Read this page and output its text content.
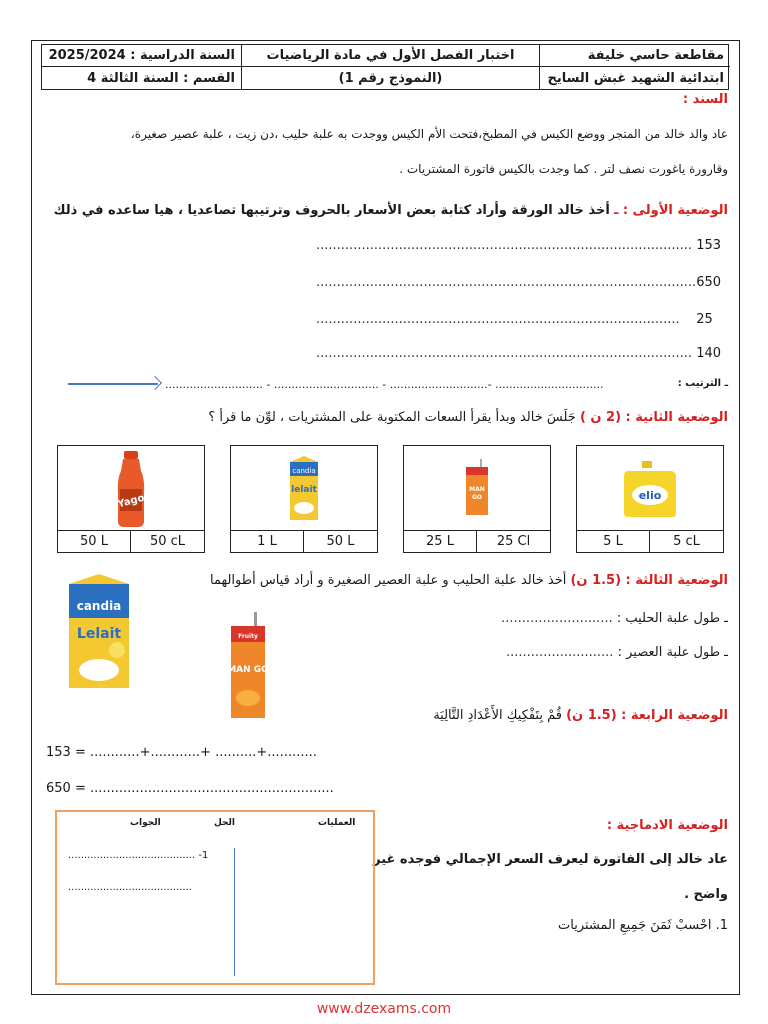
السنة الدراسية : 2025/2024	اختبار الفصل الأول في مادة الرياضيات	مقاطعة حاسي خليفة
القسم : السنة الثالثة 4	(النموذج رقم 1)	ابتدائية الشهيد غبش السايح
السند :
عاد والد خالد من المتجر ووضع الكيس في المطبخ،فتحت الأم الكيس ووجدت به علبة حليب ،دن زيت ، علبة عصير صغيرة،
وقارورة ياغورت نصف لتر . كما وجدت بالكيس فاتورة المشتريات .
الوضعية الأولى : ـ أخذ خالد الورقة وأراد كتابة بعض الأسعار بالحروف وترتيبها تصاعديا ، هيا ساعده في ذلك
........................................................................................... 153
............................................................................................650
........................................................................................ 25
........................................................................................... 140
............................ - .............................. - ............................- ...............................	ـ الترتيب :
الوضعية الثانية : (2 ن ) جَلَسَ خالد وبدأ يقرأ السعات المكتوبة على المشتريات ، لوِّن ما قرأ ؟
Yago
50 L	50 cL
candia
lelait
1 L	50 L
MAN
GO
25 L	25 Cl
elio
5 L	5 cL
الوضعية الثالثة : (1.5 ن) أخذ خالد علبة الحليب و علبة العصير الصغيرة و أراد قياس أطوالهما
candia
Lelait	Fruity
MAN GO
ـ طول علبة الحليب : ...........................
ـ طول علبة العصير : ..........................
الوضعية الرابعة : (1.5 ن) قُمْ بِتَفْكِيكِ الأَعْدَادِ التَّالِيَة
153 = ............+............+ ..........+............
650 = ...........................................................
الوضعية الادماجية :
عاد خالد إلى الفاتورة ليعرف السعر الإجمالي فوجده غير
واضح .
1. احْسبْ ثَمَنَ جَمِيعِ المشتريات
العمليات
الحل
الجواب
........................................ -1
.......................................
www.dzexams.com
